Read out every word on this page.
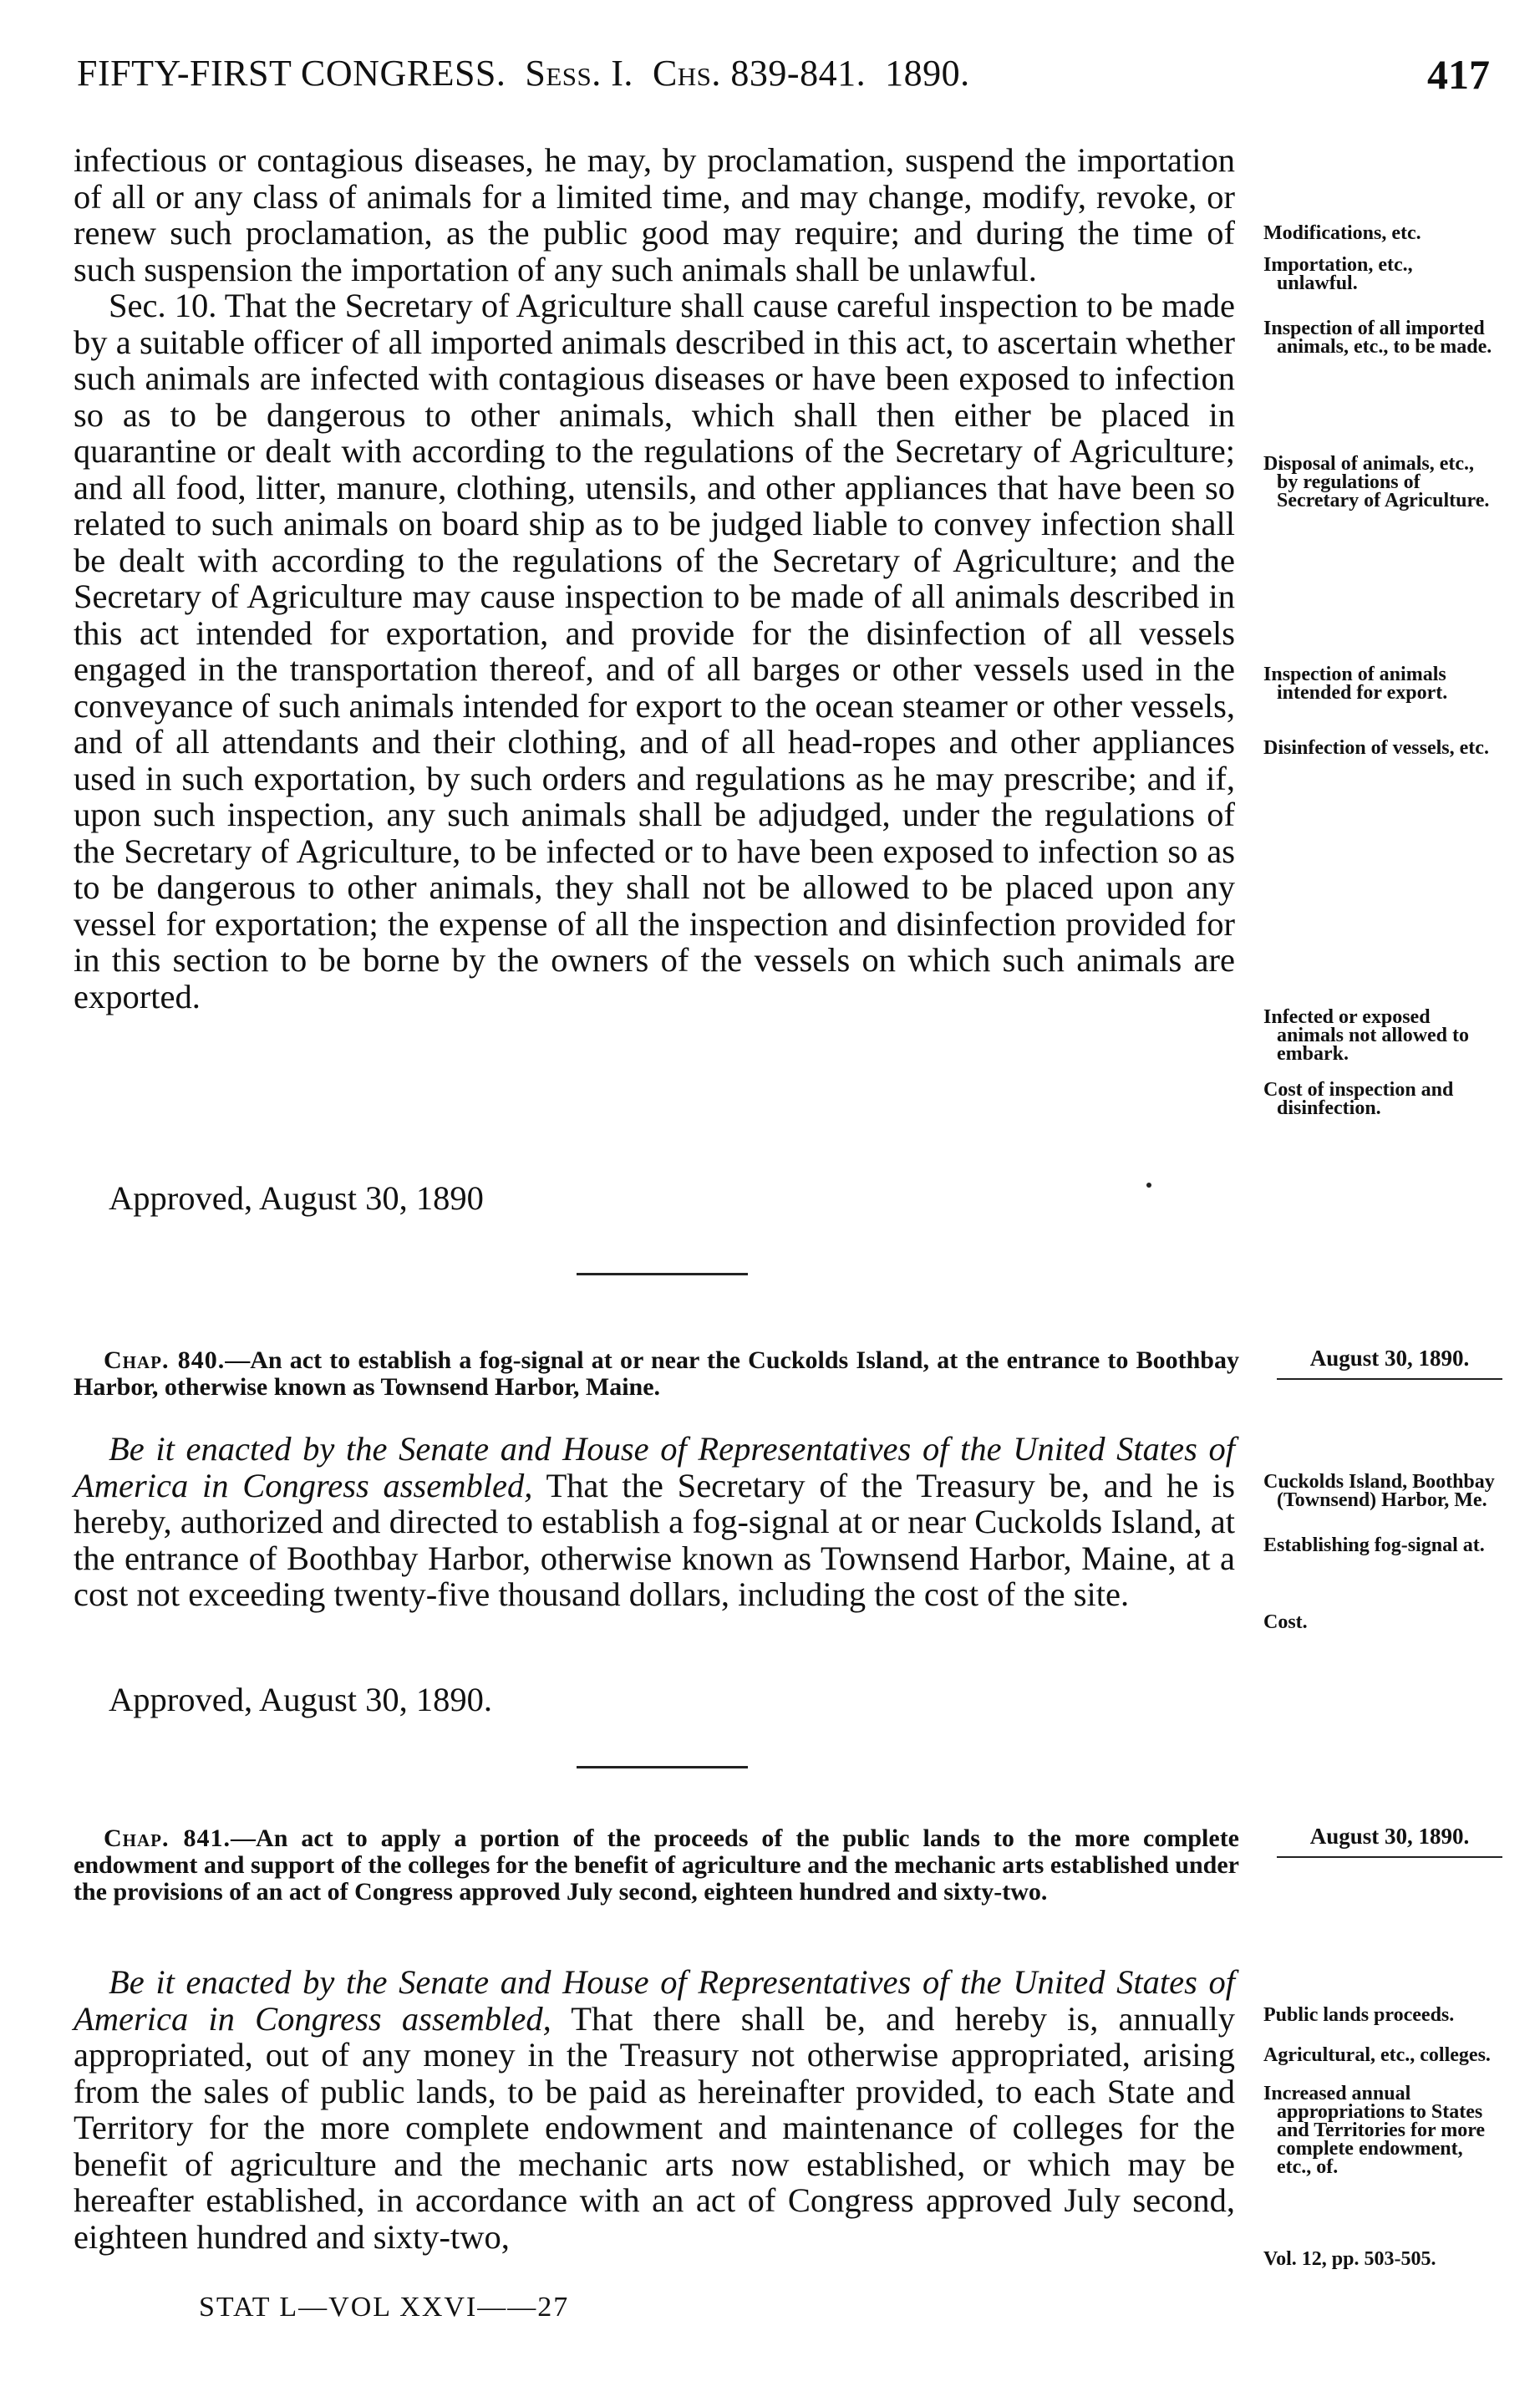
FIFTY-FIRST CONGRESS. Sess. I. Chs. 839-841. 1890.	417

infectious or contagious diseases, he may, by proclamation, suspend the importation of all or any class of animals for a limited time, and may change, modify, revoke, or renew such proclamation, as the public good may require; and during the time of such suspension the importation of any such animals shall be unlawful.

Sec. 10. That the Secretary of Agriculture shall cause careful inspection to be made by a suitable officer of all imported animals described in this act, to ascertain whether such animals are infected with contagious diseases or have been exposed to infection so as to be dangerous to other animals, which shall then either be placed in quarantine or dealt with according to the regulations of the Secretary of Agriculture; and all food, litter, manure, clothing, utensils, and other appliances that have been so related to such animals on board ship as to be judged liable to convey infection shall be dealt with according to the regulations of the Secretary of Agriculture; and the Secretary of Agriculture may cause inspection to be made of all animals described in this act intended for exportation, and provide for the disinfection of all vessels engaged in the transportation thereof, and of all barges or other vessels used in the conveyance of such animals intended for export to the ocean steamer or other vessels, and of all attendants and their clothing, and of all head-ropes and other appliances used in such exportation, by such orders and regulations as he may prescribe; and if, upon such inspection, any such animals shall be adjudged, under the regulations of the Secretary of Agriculture, to be infected or to have been exposed to infection so as to be dangerous to other animals, they shall not be allowed to be placed upon any vessel for exportation; the expense of all the inspection and disinfection provided for in this section to be borne by the owners of the vessels on which such animals are exported.

Approved, August 30, 1890
Modifications, etc.
Importation, etc., unlawful.
Inspection of all imported animals, etc., to be made.
Disposal of animals, etc., by regulations of Secretary of Agriculture.
Inspection of animals intended for export.
Disinfection of vessels, etc.
Infected or exposed animals not allowed to embark.
Cost of inspection and disinfection.

Chap. 840.—An act to establish a fog-signal at or near the Cuckolds Island, at the entrance to Boothbay Harbor, otherwise known as Townsend Harbor, Maine.

August 30, 1890.

Be it enacted by the Senate and House of Representatives of the United States of America in Congress assembled, That the Secretary of the Treasury be, and he is hereby, authorized and directed to establish a fog-signal at or near Cuckolds Island, at the entrance of Boothbay Harbor, otherwise known as Townsend Harbor, Maine, at a cost not exceeding twenty-five thousand dollars, including the cost of the site.

Approved, August 30, 1890.
Cuckolds Island, Boothbay (Townsend) Harbor, Me.
Establishing fog-signal at.
Cost.

Chap. 841.—An act to apply a portion of the proceeds of the public lands to the more complete endowment and support of the colleges for the benefit of agriculture and the mechanic arts established under the provisions of an act of Congress approved July second, eighteen hundred and sixty-two.

August 30, 1890.

Be it enacted by the Senate and House of Representatives of the United States of America in Congress assembled, That there shall be, and hereby is, annually appropriated, out of any money in the Treasury not otherwise appropriated, arising from the sales of public lands, to be paid as hereinafter provided, to each State and Territory for the more complete endowment and maintenance of colleges for the benefit of agriculture and the mechanic arts now established, or which may be hereafter established, in accordance with an act of Congress approved July second, eighteen hundred and sixty-two,

Public lands proceeds.
Agricultural, etc., colleges.
Increased annual appropriations to States and Territories for more complete endowment, etc., of.
Vol. 12, pp. 503-505.
STAT L—VOL XXVI——27
